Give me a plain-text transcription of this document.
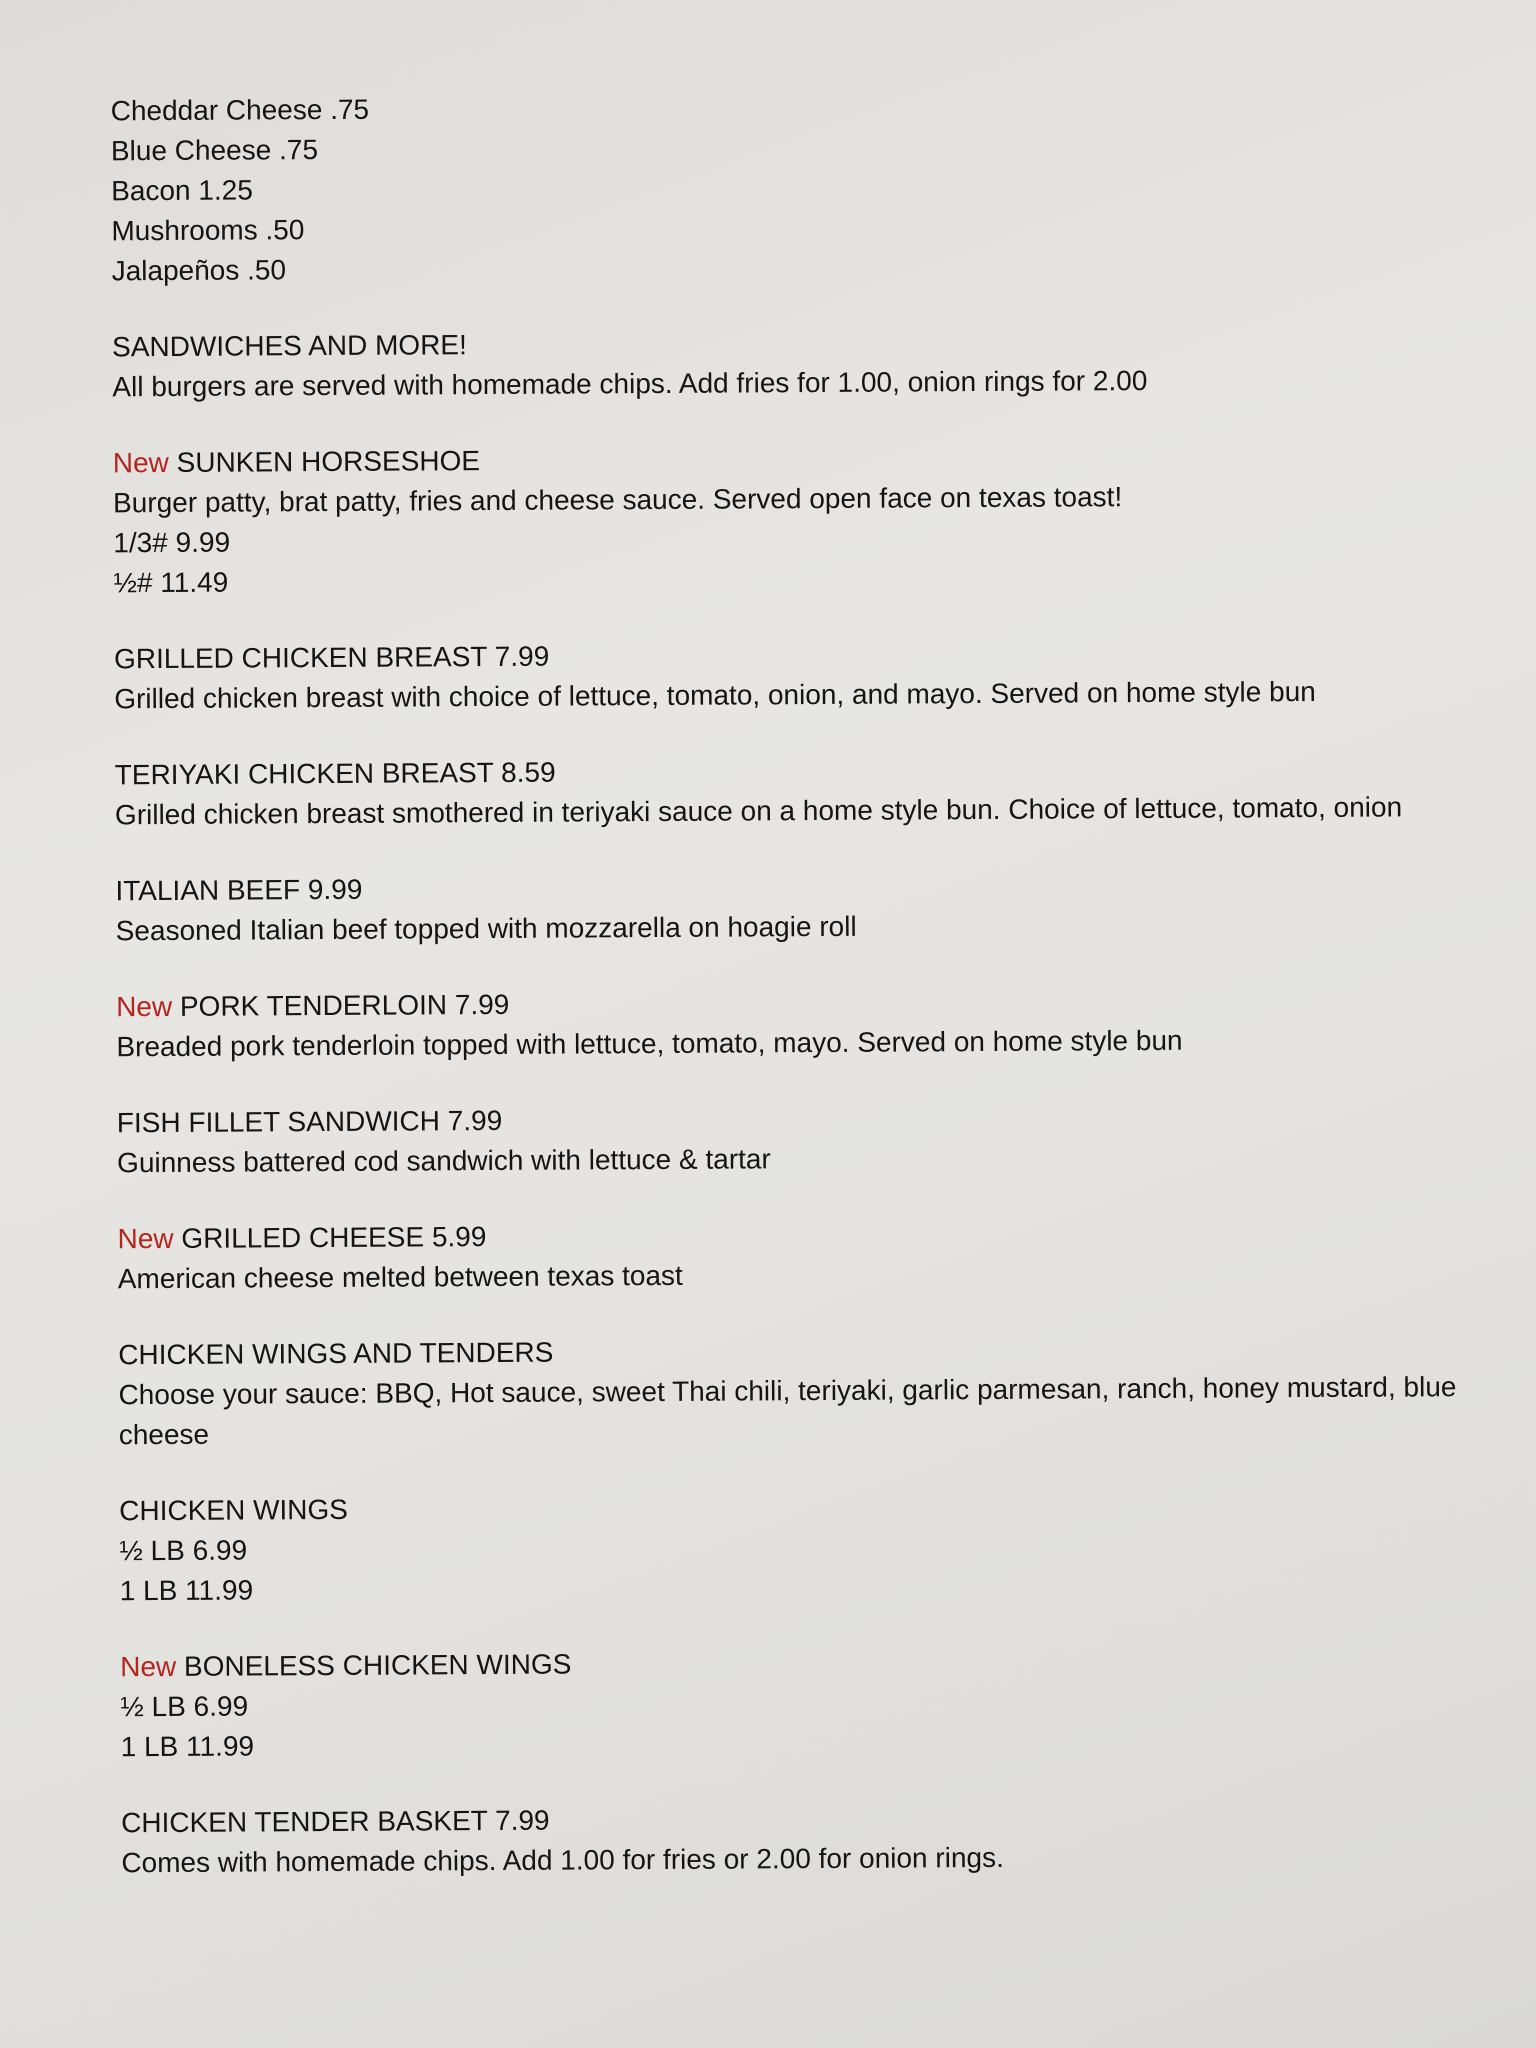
Cheddar Cheese .75
Blue Cheese .75
Bacon 1.25
Mushrooms .50
Jalapeños .50
SANDWICHES AND MORE!
All burgers are served with homemade chips. Add fries for 1.00, onion rings for 2.00
New SUNKEN HORSESHOE
Burger patty, brat patty, fries and cheese sauce. Served open face on texas toast!
1/3# 9.99
½# 11.49
GRILLED CHICKEN BREAST 7.99
Grilled chicken breast with choice of lettuce, tomato, onion, and mayo. Served on home style bun
TERIYAKI CHICKEN BREAST 8.59
Grilled chicken breast smothered in teriyaki sauce on a home style bun. Choice of lettuce, tomato, onion
ITALIAN BEEF 9.99
Seasoned Italian beef topped with mozzarella on hoagie roll
New PORK TENDERLOIN 7.99
Breaded pork tenderloin topped with lettuce, tomato, mayo. Served on home style bun
FISH FILLET SANDWICH 7.99
Guinness battered cod sandwich with lettuce & tartar
New GRILLED CHEESE 5.99
American cheese melted between texas toast
CHICKEN WINGS AND TENDERS
Choose your sauce: BBQ, Hot sauce, sweet Thai chili, teriyaki, garlic parmesan, ranch, honey mustard, blue cheese
CHICKEN WINGS
½ LB 6.99
1 LB 11.99
New BONELESS CHICKEN WINGS
½ LB 6.99
1 LB 11.99
CHICKEN TENDER BASKET 7.99
Comes with homemade chips. Add 1.00 for fries or 2.00 for onion rings.
